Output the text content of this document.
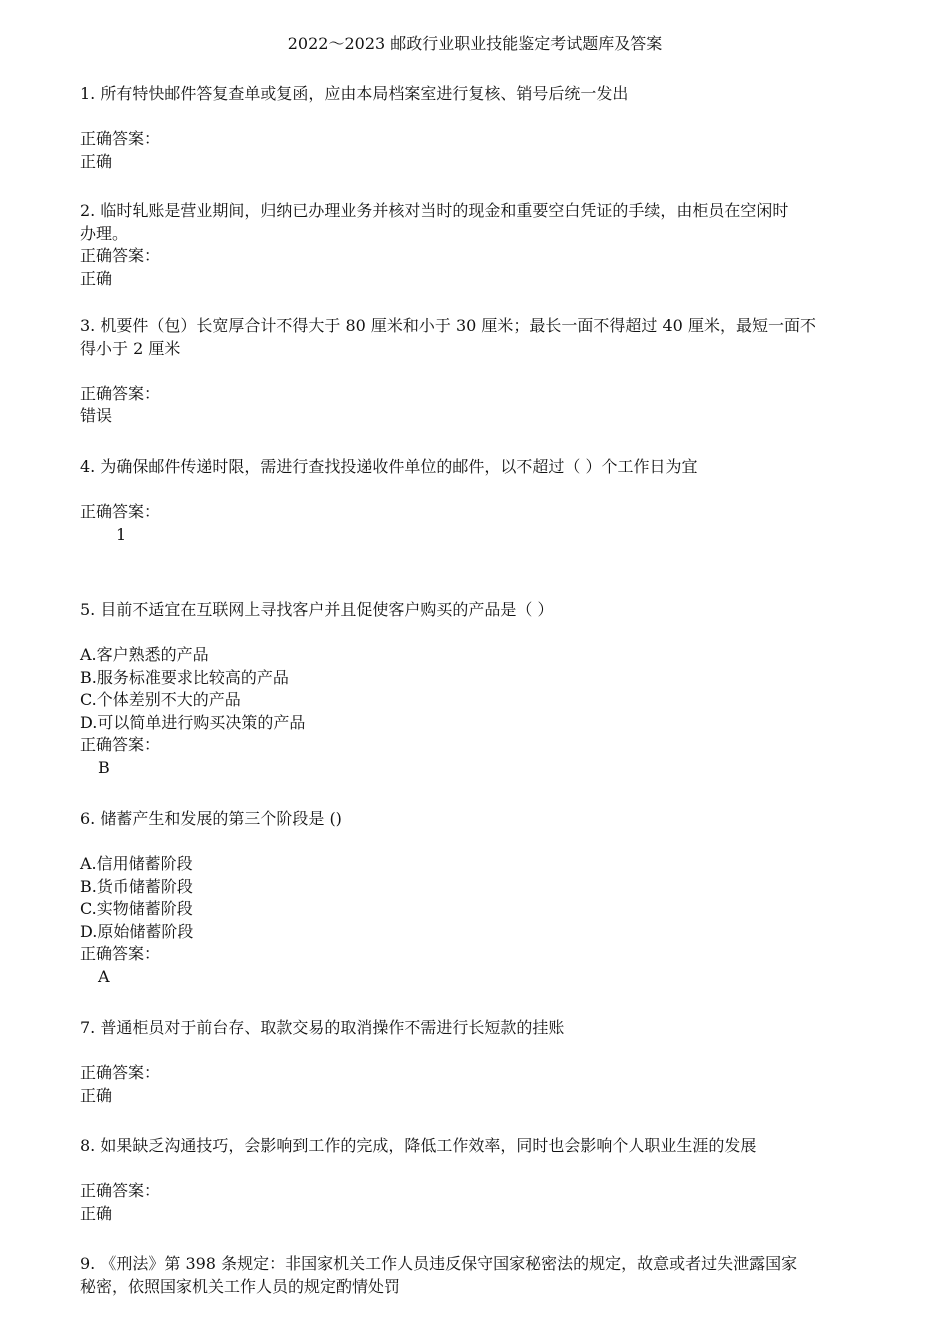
2022～2023 邮政行业职业技能鉴定考试题库及答案
1. 所有特快邮件答复查单或复函，应由本局档案室进行复核、销号后统一发出
正确答案：
正确
2. 临时轧账是营业期间，归纳已办理业务并核对当时的现金和重要空白凭证的手续，由柜员在空闲时
办理。
正确答案：
正确
3. 机要件（包）长宽厚合计不得大于 80 厘米和小于 30 厘米；最长一面不得超过 40 厘米，最短一面不
得小于 2 厘米
正确答案：
错误
4. 为确保邮件传递时限，需进行查找投递收件单位的邮件，以不超过（ ）个工作日为宜
正确答案：
1
5. 目前不适宜在互联网上寻找客户并且促使客户购买的产品是（ ）
A.客户熟悉的产品
B.服务标准要求比较高的产品
C.个体差别不大的产品
D.可以简单进行购买决策的产品
正确答案：
B
6. 储蓄产生和发展的第三个阶段是 ()
A.信用储蓄阶段
B.货币储蓄阶段
C.实物储蓄阶段
D.原始储蓄阶段
正确答案：
A
7. 普通柜员对于前台存、取款交易的取消操作不需进行长短款的挂账
正确答案：
正确
8. 如果缺乏沟通技巧，会影响到工作的完成，降低工作效率，同时也会影响个人职业生涯的发展
正确答案：
正确
9. 《刑法》第 398 条规定：非国家机关工作人员违反保守国家秘密法的规定，故意或者过失泄露国家
秘密，依照国家机关工作人员的规定酌情处罚
